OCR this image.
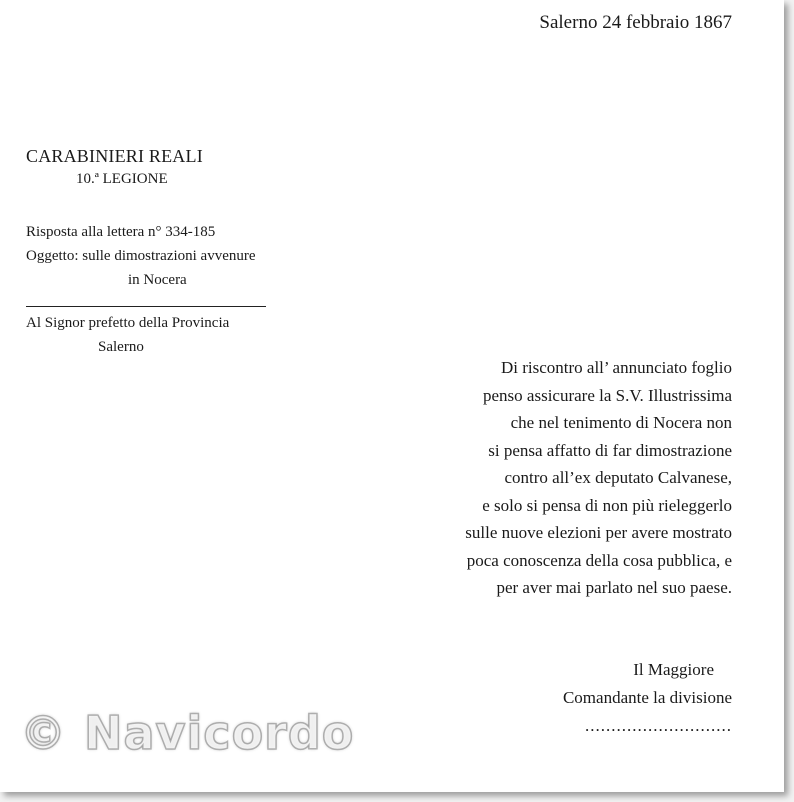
Salerno 24 febbraio 1867
CARABINIERI REALI
10.ª LEGIONE
Risposta alla lettera n° 334-185
Oggetto: sulle dimostrazioni avvenure
in Nocera
Al Signor prefetto della Provincia
Salerno
Di riscontro all’ annunciato foglio
penso assicurare la S.V. Illustrissima
che nel tenimento di Nocera non
si pensa affatto di far dimostrazione
contro all’ex deputato Calvanese,
e solo si pensa di non più rieleggerlo
sulle nuove elezioni per avere mostrato
poca conoscenza della cosa pubblica, e
per aver mai parlato nel suo paese.
Il Maggiore
Comandante la divisione
............................
© Navicordo
